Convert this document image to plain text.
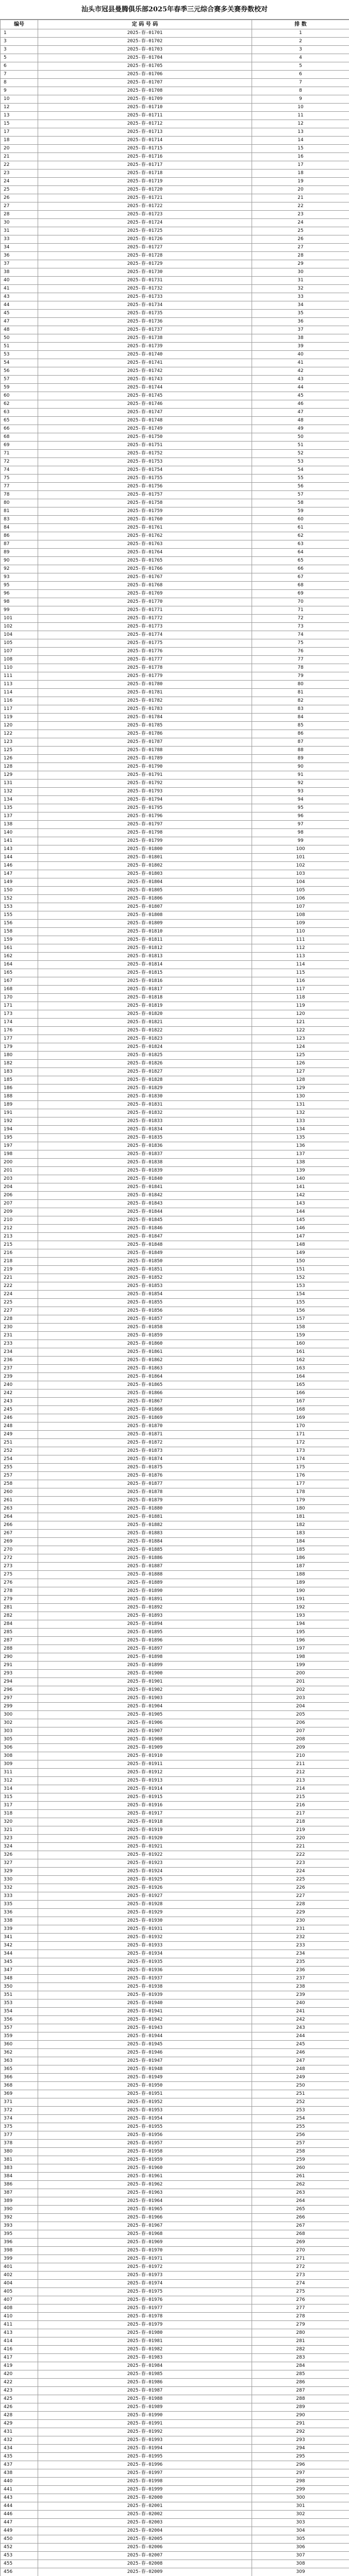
汕头市冠县曼腾俱乐部2025年春季三元综合赛多关赛券数校对
编号	定 码 号 码	排 数
1	2025-春-01701	1
3	2025-春-01702	2
3	2025-春-01703	3
5	2025-春-01704	4
6	2025-春-01705	5
7	2025-春-01706	6
8	2025-春-01707	7
9	2025-春-01708	8
10	2025-春-01709	9
12	2025-春-01710	10
13	2025-春-01711	11
15	2025-春-01712	12
17	2025-春-01713	13
18	2025-春-01714	14
20	2025-春-01715	15
21	2025-春-01716	16
22	2025-春-01717	17
23	2025-春-01718	18
24	2025-春-01719	19
25	2025-春-01720	20
26	2025-春-01721	21
27	2025-春-01722	22
28	2025-春-01723	23
30	2025-春-01724	24
31	2025-春-01725	25
33	2025-春-01726	26
34	2025-春-01727	27
36	2025-春-01728	28
37	2025-春-01729	29
38	2025-春-01730	30
40	2025-春-01731	31
41	2025-春-01732	32
43	2025-春-01733	33
44	2025-春-01734	34
45	2025-春-01735	35
47	2025-春-01736	36
48	2025-春-01737	37
50	2025-春-01738	38
51	2025-春-01739	39
53	2025-春-01740	40
54	2025-春-01741	41
56	2025-春-01742	42
57	2025-春-01743	43
59	2025-春-01744	44
60	2025-春-01745	45
62	2025-春-01746	46
63	2025-春-01747	47
65	2025-春-01748	48
66	2025-春-01749	49
68	2025-春-01750	50
69	2025-春-01751	51
71	2025-春-01752	52
72	2025-春-01753	53
74	2025-春-01754	54
75	2025-春-01755	55
77	2025-春-01756	56
78	2025-春-01757	57
80	2025-春-01758	58
81	2025-春-01759	59
83	2025-春-01760	60
84	2025-春-01761	61
86	2025-春-01762	62
87	2025-春-01763	63
89	2025-春-01764	64
90	2025-春-01765	65
92	2025-春-01766	66
93	2025-春-01767	67
95	2025-春-01768	68
96	2025-春-01769	69
98	2025-春-01770	70
99	2025-春-01771	71
101	2025-春-01772	72
102	2025-春-01773	73
104	2025-春-01774	74
105	2025-春-01775	75
107	2025-春-01776	76
108	2025-春-01777	77
110	2025-春-01778	78
111	2025-春-01779	79
113	2025-春-01780	80
114	2025-春-01781	81
116	2025-春-01782	82
117	2025-春-01783	83
119	2025-春-01784	84
120	2025-春-01785	85
122	2025-春-01786	86
123	2025-春-01787	87
125	2025-春-01788	88
126	2025-春-01789	89
128	2025-春-01790	90
129	2025-春-01791	91
131	2025-春-01792	92
132	2025-春-01793	93
134	2025-春-01794	94
135	2025-春-01795	95
137	2025-春-01796	96
138	2025-春-01797	97
140	2025-春-01798	98
141	2025-春-01799	99
143	2025-春-01800	100
144	2025-春-01801	101
146	2025-春-01802	102
147	2025-春-01803	103
149	2025-春-01804	104
150	2025-春-01805	105
152	2025-春-01806	106
153	2025-春-01807	107
155	2025-春-01808	108
156	2025-春-01809	109
158	2025-春-01810	110
159	2025-春-01811	111
161	2025-春-01812	112
162	2025-春-01813	113
164	2025-春-01814	114
165	2025-春-01815	115
167	2025-春-01816	116
168	2025-春-01817	117
170	2025-春-01818	118
171	2025-春-01819	119
173	2025-春-01820	120
174	2025-春-01821	121
176	2025-春-01822	122
177	2025-春-01823	123
179	2025-春-01824	124
180	2025-春-01825	125
182	2025-春-01826	126
183	2025-春-01827	127
185	2025-春-01828	128
186	2025-春-01829	129
188	2025-春-01830	130
189	2025-春-01831	131
191	2025-春-01832	132
192	2025-春-01833	133
194	2025-春-01834	134
195	2025-春-01835	135
197	2025-春-01836	136
198	2025-春-01837	137
200	2025-春-01838	138
201	2025-春-01839	139
203	2025-春-01840	140
204	2025-春-01841	141
206	2025-春-01842	142
207	2025-春-01843	143
209	2025-春-01844	144
210	2025-春-01845	145
212	2025-春-01846	146
213	2025-春-01847	147
215	2025-春-01848	148
216	2025-春-01849	149
218	2025-春-01850	150
219	2025-春-01851	151
221	2025-春-01852	152
222	2025-春-01853	153
224	2025-春-01854	154
225	2025-春-01855	155
227	2025-春-01856	156
228	2025-春-01857	157
230	2025-春-01858	158
231	2025-春-01859	159
233	2025-春-01860	160
234	2025-春-01861	161
236	2025-春-01862	162
237	2025-春-01863	163
239	2025-春-01864	164
240	2025-春-01865	165
242	2025-春-01866	166
243	2025-春-01867	167
245	2025-春-01868	168
246	2025-春-01869	169
248	2025-春-01870	170
249	2025-春-01871	171
251	2025-春-01872	172
252	2025-春-01873	173
254	2025-春-01874	174
255	2025-春-01875	175
257	2025-春-01876	176
258	2025-春-01877	177
260	2025-春-01878	178
261	2025-春-01879	179
263	2025-春-01880	180
264	2025-春-01881	181
266	2025-春-01882	182
267	2025-春-01883	183
269	2025-春-01884	184
270	2025-春-01885	185
272	2025-春-01886	186
273	2025-春-01887	187
275	2025-春-01888	188
276	2025-春-01889	189
278	2025-春-01890	190
279	2025-春-01891	191
281	2025-春-01892	192
282	2025-春-01893	193
284	2025-春-01894	194
285	2025-春-01895	195
287	2025-春-01896	196
288	2025-春-01897	197
290	2025-春-01898	198
291	2025-春-01899	199
293	2025-春-01900	200
294	2025-春-01901	201
296	2025-春-01902	202
297	2025-春-01903	203
299	2025-春-01904	204
300	2025-春-01905	205
302	2025-春-01906	206
303	2025-春-01907	207
305	2025-春-01908	208
306	2025-春-01909	209
308	2025-春-01910	210
309	2025-春-01911	211
311	2025-春-01912	212
312	2025-春-01913	213
314	2025-春-01914	214
315	2025-春-01915	215
317	2025-春-01916	216
318	2025-春-01917	217
320	2025-春-01918	218
321	2025-春-01919	219
323	2025-春-01920	220
324	2025-春-01921	221
326	2025-春-01922	222
327	2025-春-01923	223
329	2025-春-01924	224
330	2025-春-01925	225
332	2025-春-01926	226
333	2025-春-01927	227
335	2025-春-01928	228
336	2025-春-01929	229
338	2025-春-01930	230
339	2025-春-01931	231
341	2025-春-01932	232
342	2025-春-01933	233
344	2025-春-01934	234
345	2025-春-01935	235
347	2025-春-01936	236
348	2025-春-01937	237
350	2025-春-01938	238
351	2025-春-01939	239
353	2025-春-01940	240
354	2025-春-01941	241
356	2025-春-01942	242
357	2025-春-01943	243
359	2025-春-01944	244
360	2025-春-01945	245
362	2025-春-01946	246
363	2025-春-01947	247
365	2025-春-01948	248
366	2025-春-01949	249
368	2025-春-01950	250
369	2025-春-01951	251
371	2025-春-01952	252
372	2025-春-01953	253
374	2025-春-01954	254
375	2025-春-01955	255
377	2025-春-01956	256
378	2025-春-01957	257
380	2025-春-01958	258
381	2025-春-01959	259
383	2025-春-01960	260
384	2025-春-01961	261
386	2025-春-01962	262
387	2025-春-01963	263
389	2025-春-01964	264
390	2025-春-01965	265
392	2025-春-01966	266
393	2025-春-01967	267
395	2025-春-01968	268
396	2025-春-01969	269
398	2025-春-01970	270
399	2025-春-01971	271
401	2025-春-01972	272
402	2025-春-01973	273
404	2025-春-01974	274
405	2025-春-01975	275
407	2025-春-01976	276
408	2025-春-01977	277
410	2025-春-01978	278
411	2025-春-01979	279
413	2025-春-01980	280
414	2025-春-01981	281
416	2025-春-01982	282
417	2025-春-01983	283
419	2025-春-01984	284
420	2025-春-01985	285
422	2025-春-01986	286
423	2025-春-01987	287
425	2025-春-01988	288
426	2025-春-01989	289
428	2025-春-01990	290
429	2025-春-01991	291
431	2025-春-01992	292
432	2025-春-01993	293
434	2025-春-01994	294
435	2025-春-01995	295
437	2025-春-01996	296
438	2025-春-01997	297
440	2025-春-01998	298
441	2025-春-01999	299
443	2025-春-02000	300
444	2025-春-02001	301
446	2025-春-02002	302
447	2025-春-02003	303
449	2025-春-02004	304
450	2025-春-02005	305
452	2025-春-02006	306
453	2025-春-02007	307
455	2025-春-02008	308
456	2025-春-02009	309
